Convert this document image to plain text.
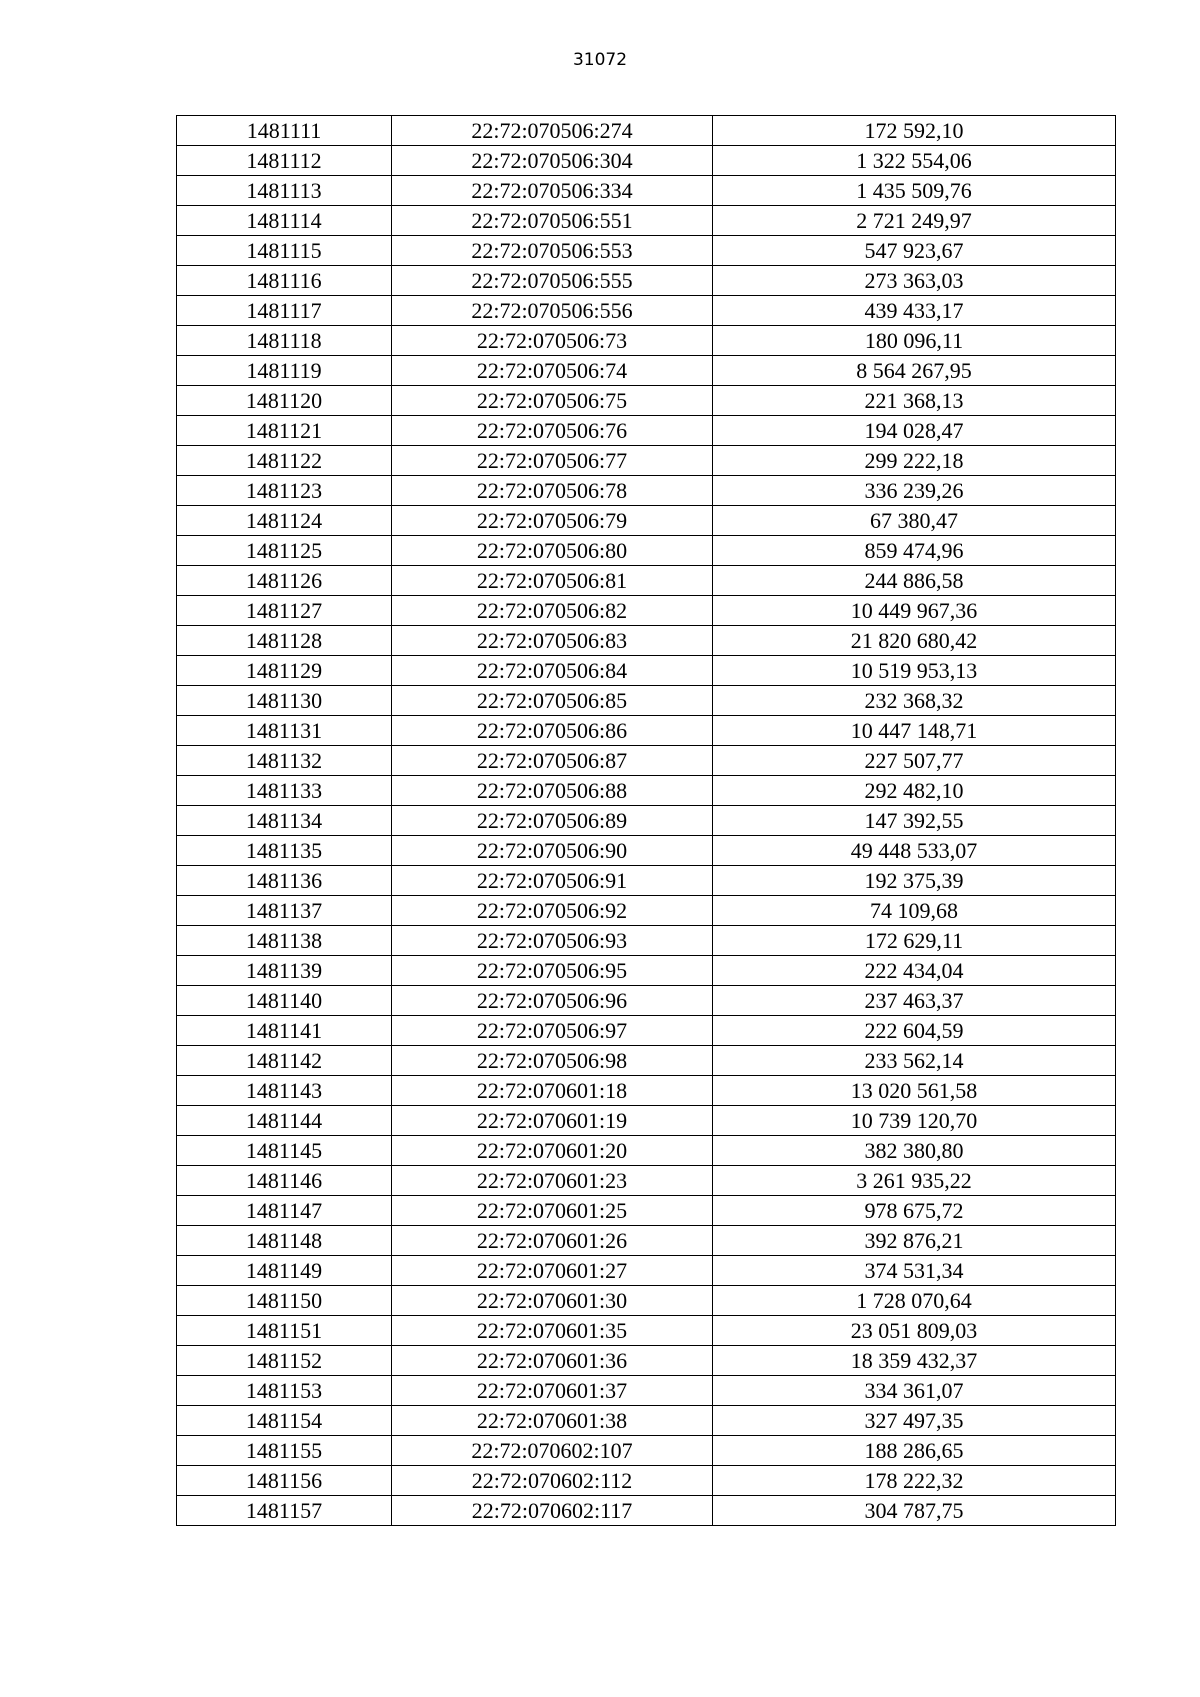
31072
1481111	22:72:070506:274	172 592,10
1481112	22:72:070506:304	1 322 554,06
1481113	22:72:070506:334	1 435 509,76
1481114	22:72:070506:551	2 721 249,97
1481115	22:72:070506:553	547 923,67
1481116	22:72:070506:555	273 363,03
1481117	22:72:070506:556	439 433,17
1481118	22:72:070506:73	180 096,11
1481119	22:72:070506:74	8 564 267,95
1481120	22:72:070506:75	221 368,13
1481121	22:72:070506:76	194 028,47
1481122	22:72:070506:77	299 222,18
1481123	22:72:070506:78	336 239,26
1481124	22:72:070506:79	67 380,47
1481125	22:72:070506:80	859 474,96
1481126	22:72:070506:81	244 886,58
1481127	22:72:070506:82	10 449 967,36
1481128	22:72:070506:83	21 820 680,42
1481129	22:72:070506:84	10 519 953,13
1481130	22:72:070506:85	232 368,32
1481131	22:72:070506:86	10 447 148,71
1481132	22:72:070506:87	227 507,77
1481133	22:72:070506:88	292 482,10
1481134	22:72:070506:89	147 392,55
1481135	22:72:070506:90	49 448 533,07
1481136	22:72:070506:91	192 375,39
1481137	22:72:070506:92	74 109,68
1481138	22:72:070506:93	172 629,11
1481139	22:72:070506:95	222 434,04
1481140	22:72:070506:96	237 463,37
1481141	22:72:070506:97	222 604,59
1481142	22:72:070506:98	233 562,14
1481143	22:72:070601:18	13 020 561,58
1481144	22:72:070601:19	10 739 120,70
1481145	22:72:070601:20	382 380,80
1481146	22:72:070601:23	3 261 935,22
1481147	22:72:070601:25	978 675,72
1481148	22:72:070601:26	392 876,21
1481149	22:72:070601:27	374 531,34
1481150	22:72:070601:30	1 728 070,64
1481151	22:72:070601:35	23 051 809,03
1481152	22:72:070601:36	18 359 432,37
1481153	22:72:070601:37	334 361,07
1481154	22:72:070601:38	327 497,35
1481155	22:72:070602:107	188 286,65
1481156	22:72:070602:112	178 222,32
1481157	22:72:070602:117	304 787,75
